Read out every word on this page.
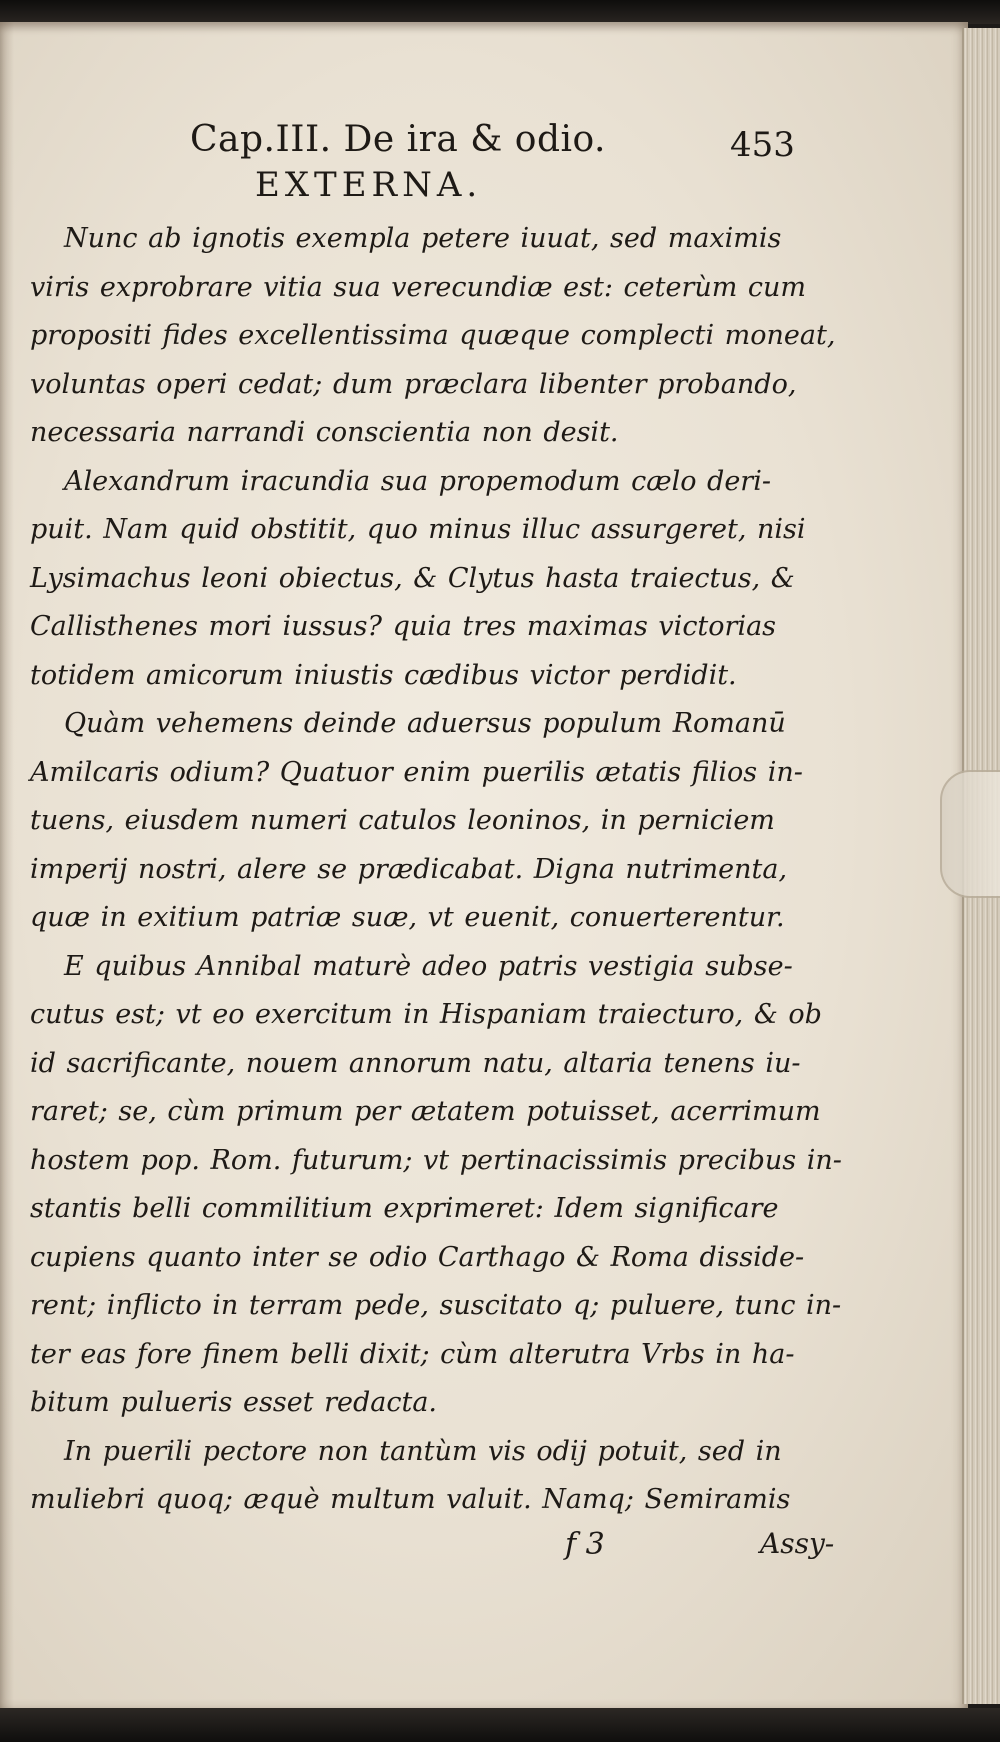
Cap.III. De ira & odio.	453
EXTERNA.
Nunc ab ignotis exempla petere iuuat, sed maximis
viris exprobrare vitia sua verecundiæ est: ceterùm cum
propositi fides excellentissima quæque complecti moneat,
voluntas operi cedat; dum præclara libenter probando,
necessaria narrandi conscientia non desit.
Alexandrum iracundia sua propemodum cælo deri-
puit. Nam quid obstitit, quo minus illuc assurgeret, nisi
Lysimachus leoni obiectus, & Clytus hasta traiectus, &
Callisthenes mori iussus? quia tres maximas victorias
totidem amicorum iniustis cædibus victor perdidit.
Quàm vehemens deinde aduersus populum Romanū
Amilcaris odium? Quatuor enim puerilis ætatis filios in-
tuens, eiusdem numeri catulos leoninos, in perniciem
imperij nostri, alere se prædicabat. Digna nutrimenta,
quæ in exitium patriæ suæ, vt euenit, conuerterentur.
E quibus Annibal maturè adeo patris vestigia subse-
cutus est; vt eo exercitum in Hispaniam traiecturo, & ob
id sacrificante, nouem annorum natu, altaria tenens iu-
raret; se, cùm primum per ætatem potuisset, acerrimum
hostem pop. Rom. futurum; vt pertinacissimis precibus in-
stantis belli commilitium exprimeret: Idem significare
cupiens quanto inter se odio Carthago & Roma disside-
rent; inflicto in terram pede, suscitato q; puluere, tunc in-
ter eas fore finem belli dixit; cùm alterutra Vrbs in ha-
bitum pulueris esset redacta.
In puerili pectore non tantùm vis odij potuit, sed in
muliebri quoq; æquè multum valuit. Namq; Semiramis
f 3	Assy-
